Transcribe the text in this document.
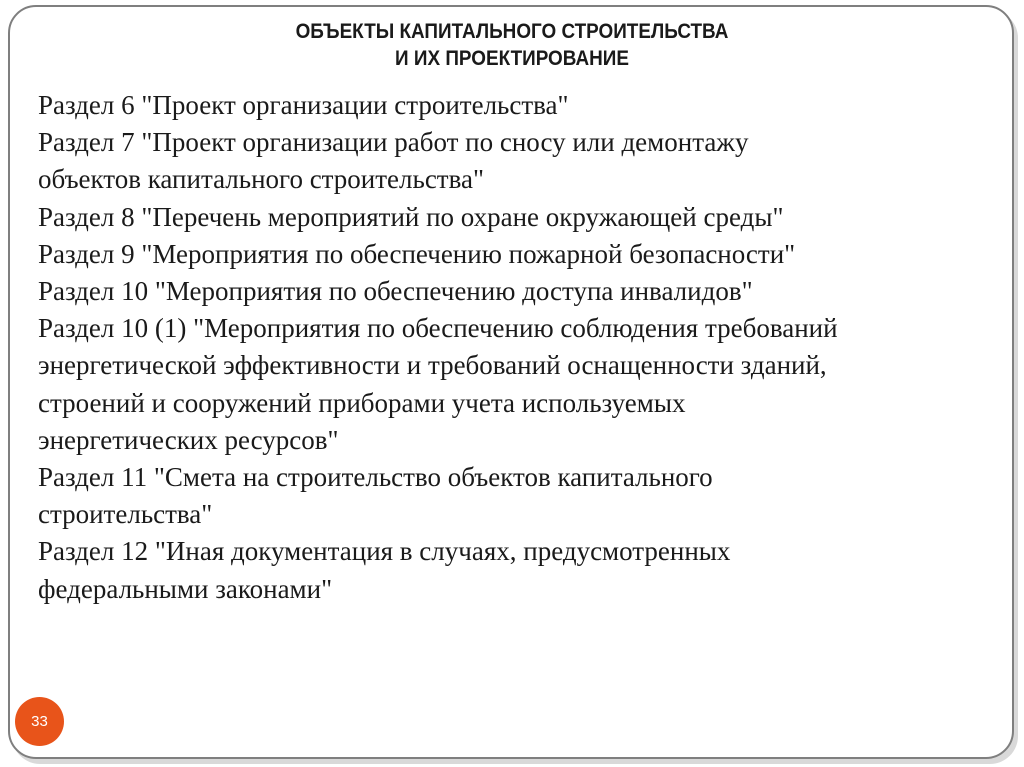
ОБЪЕКТЫ КАПИТАЛЬНОГО СТРОИТЕЛЬСТВА
И ИХ ПРОЕКТИРОВАНИЕ
Раздел 6 "Проект организации строительства"
Раздел 7 "Проект организации работ по сносу или демонтажу
объектов капитального строительства"
Раздел 8 "Перечень мероприятий по охране окружающей среды"
Раздел 9 "Мероприятия по обеспечению пожарной безопасности"
Раздел 10 "Мероприятия по обеспечению доступа инвалидов"
Раздел 10 (1) "Мероприятия по обеспечению соблюдения требований
энергетической эффективности и требований оснащенности зданий,
строений и сооружений приборами учета используемых
энергетических ресурсов"
Раздел 11 "Смета на строительство объектов капитального
строительства"
Раздел 12 "Иная документация в случаях, предусмотренных
федеральными законами"
33
